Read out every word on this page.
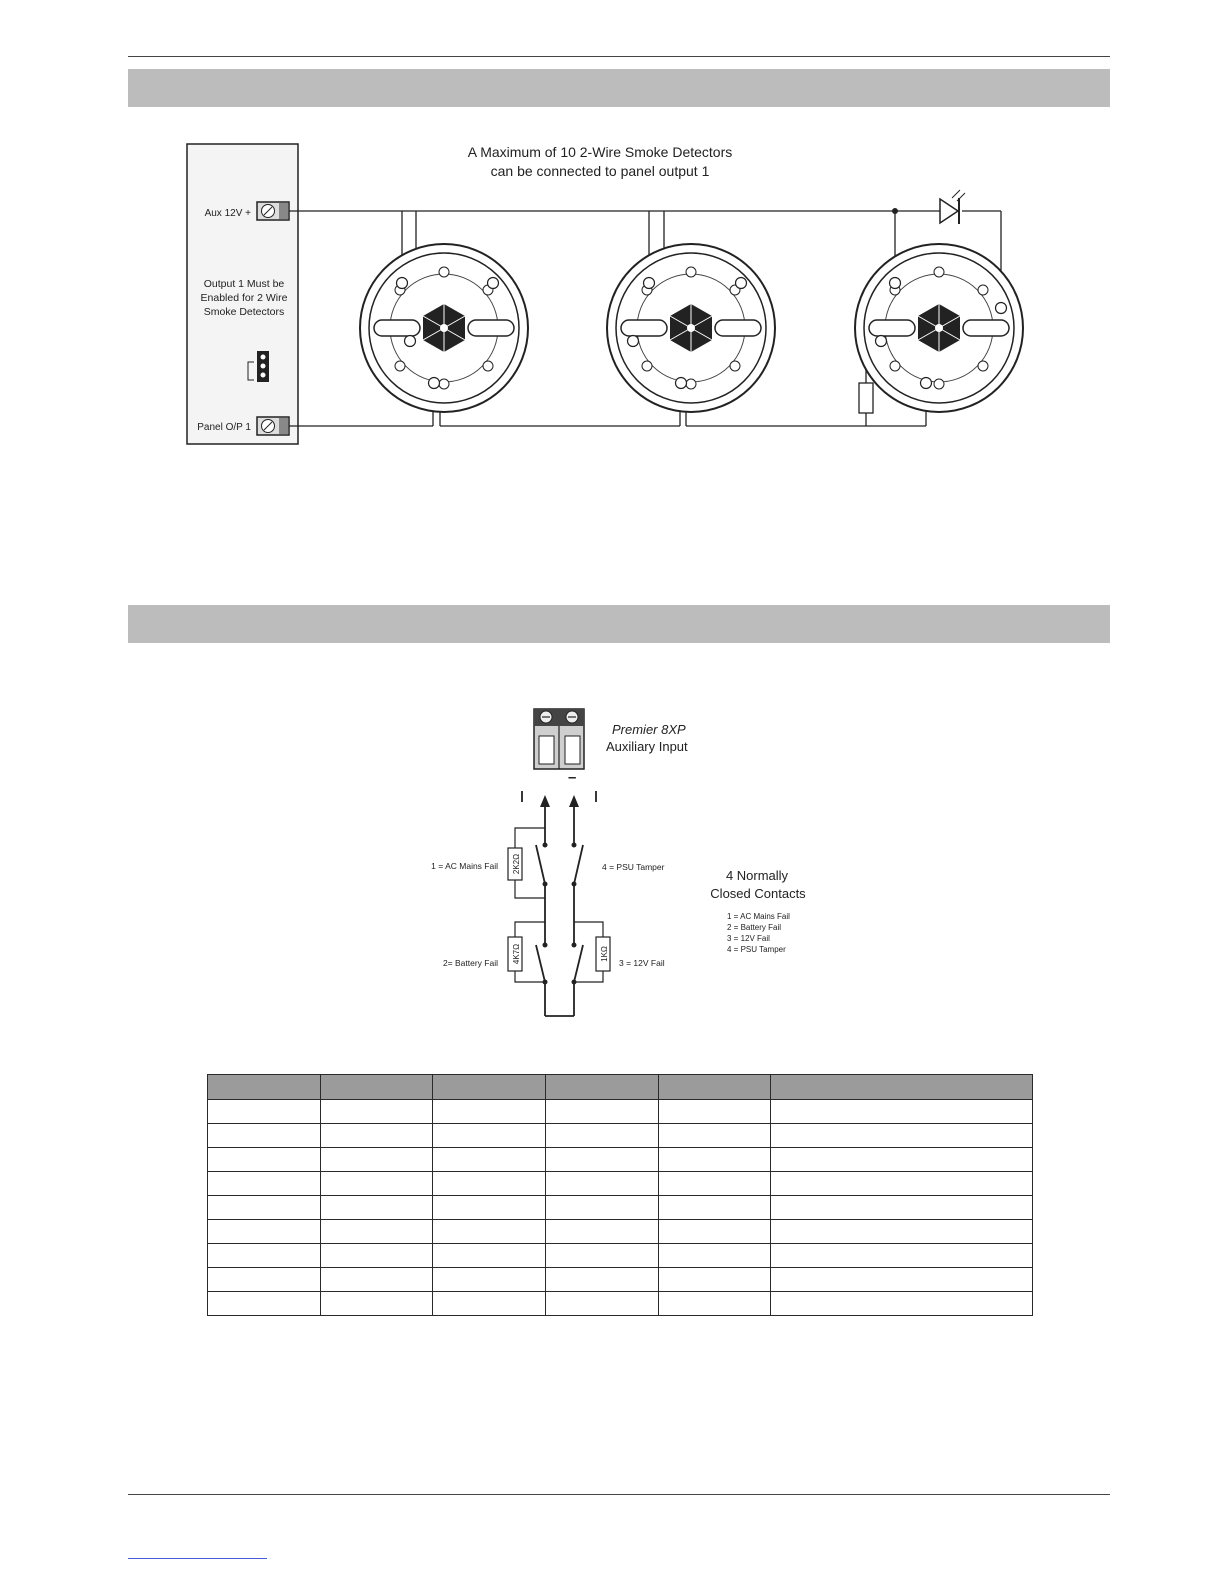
Aux 12V +
Output 1 Must be
Enabled for 2 Wire
Smoke Detectors
Panel O/P 1
A Maximum of 10 2-Wire Smoke Detectors
can be connected to panel output 1
Premier 8XP
Auxiliary Input
–
2K2Ω
4K7Ω	1KΩ
1 = AC Mains Fail	4 = PSU Tamper
2= Battery Fail	3 = 12V Fail
4 Normally
Closed Contacts
1 = AC Mains Fail
2 = Battery Fail
3 = 12V Fail
4 = PSU Tamper
